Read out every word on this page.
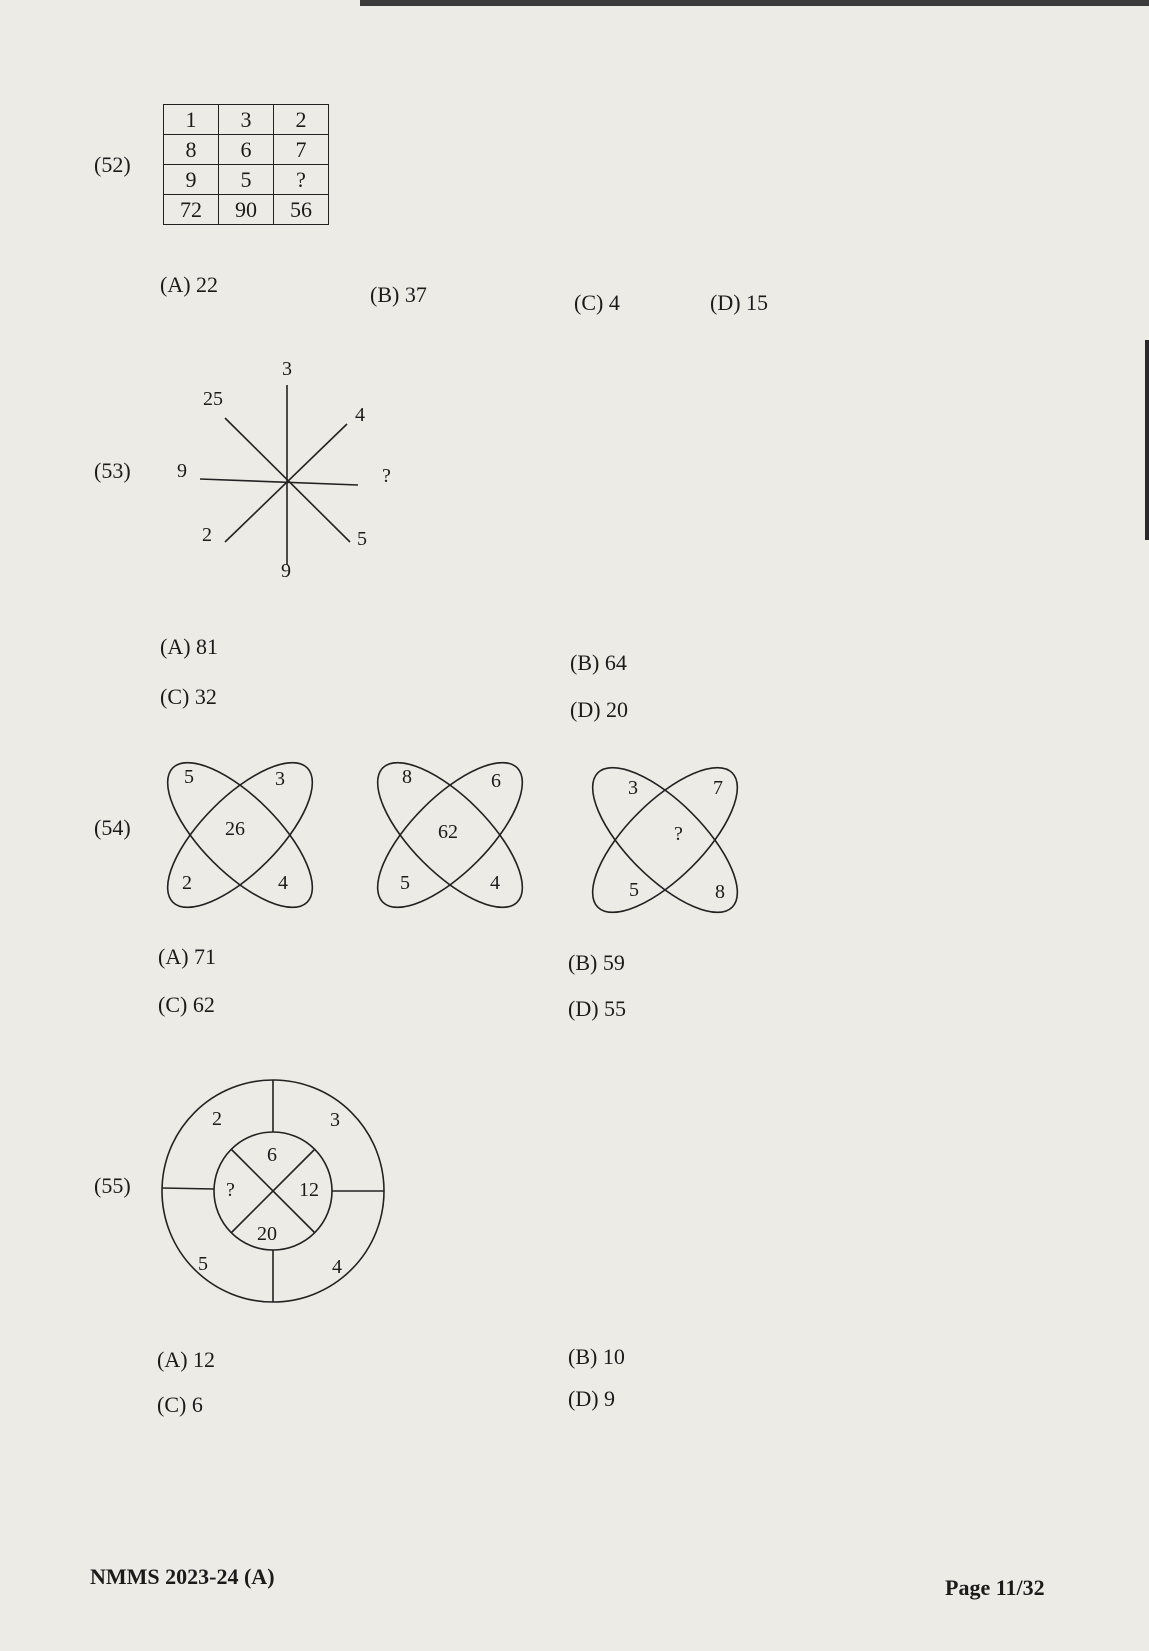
(52)
1	3	2
8	6	7
9	5	?
72	90	56
(A) 22	(B) 37	(C) 4	(D) 15
(53)
3
25
4
9	?
2	5
9
(A) 81
(B) 64
(C) 32
(D) 20
(54)
5	3
26
2	4
8	6
62
5	4
3	7
?
5	8
(A) 71	(B) 59
(C) 62	(D) 55
(55)
2	3
5	4
6
12
20
?
(A) 12	(B) 10
(C) 6	(D) 9
NMMS 2023-24 (A)	Page 11/32
